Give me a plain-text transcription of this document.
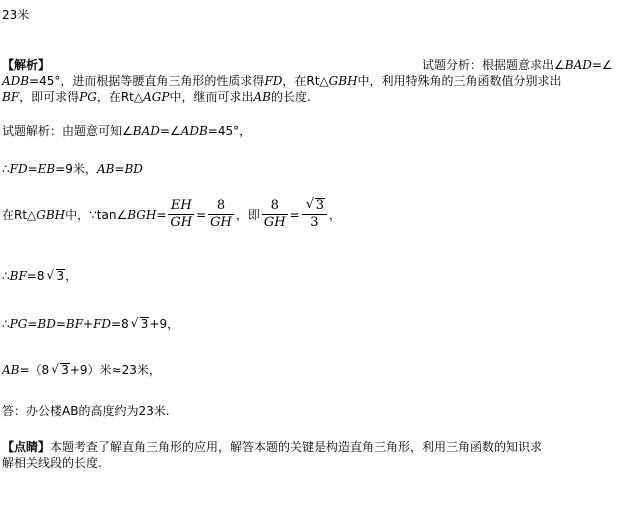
23米
【解析】	试题分析：根据题意求出∠BAD=∠
ADB=45°，进而根据等腰直角三角形的性质求得FD，在Rt△GBH中，利用特殊角的三角函数值分别求出
BF，即可求得PG，在Rt△AGP中，继而可求出AB的长度.
试题解析：由题意可知∠BAD=∠ADB=45°，
∴FD=EB=9米，AB=BD
在Rt△ GBH 中，∵tan∠ BGH = $\frac{EH}{GH} = \frac{8}{GH}$ ，即 $\frac{8}{GH}$ = √ $\frac{3}{3}$ ，
∴BF=8 √ 3，
∴PG=BD=BF+FD=8 √ 3+9，
AB=（8 √ 3+9）米≈23米，
答：办公楼AB的高度约为23米.
【点睛】本题考查了解直角三角形的应用，解答本题的关键是构造直角三角形，利用三角函数的知识求
解相关线段的长度.
